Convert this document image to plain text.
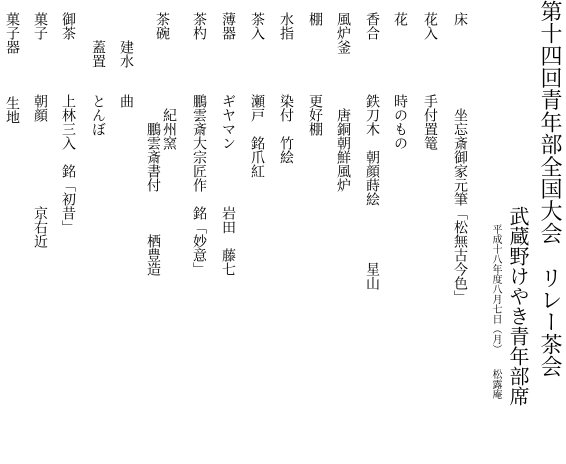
第十四回青年部全国大会　リレー茶会
武蔵野けやき青年部席
平成十八年度八月七日（月）　　松露庵
床
　　坐忘斎御家元筆「松無古今色」
花入
　手付置篭
花
　時のもの
香合
　鉄刀木　朝顔蒔絵　　　　星山
風炉釜
唐銅朝鮮風炉
棚
　更好棚
水指
　染付　竹絵
茶入
　瀬戸　銘爪紅
薄器
　ギヤマン　　　　岩田　藤七
茶杓
　鵬雲斎大宗匠作　銘「妙意」
茶碗
紀州窯
　　　鵬雲斎書付　　　栖豊造
建水
　曲
蓋置
　とんぼ
御茶
　上林三入　銘「初昔」
菓子
　朝顔　　　　　　京右近
菓子器
生地
